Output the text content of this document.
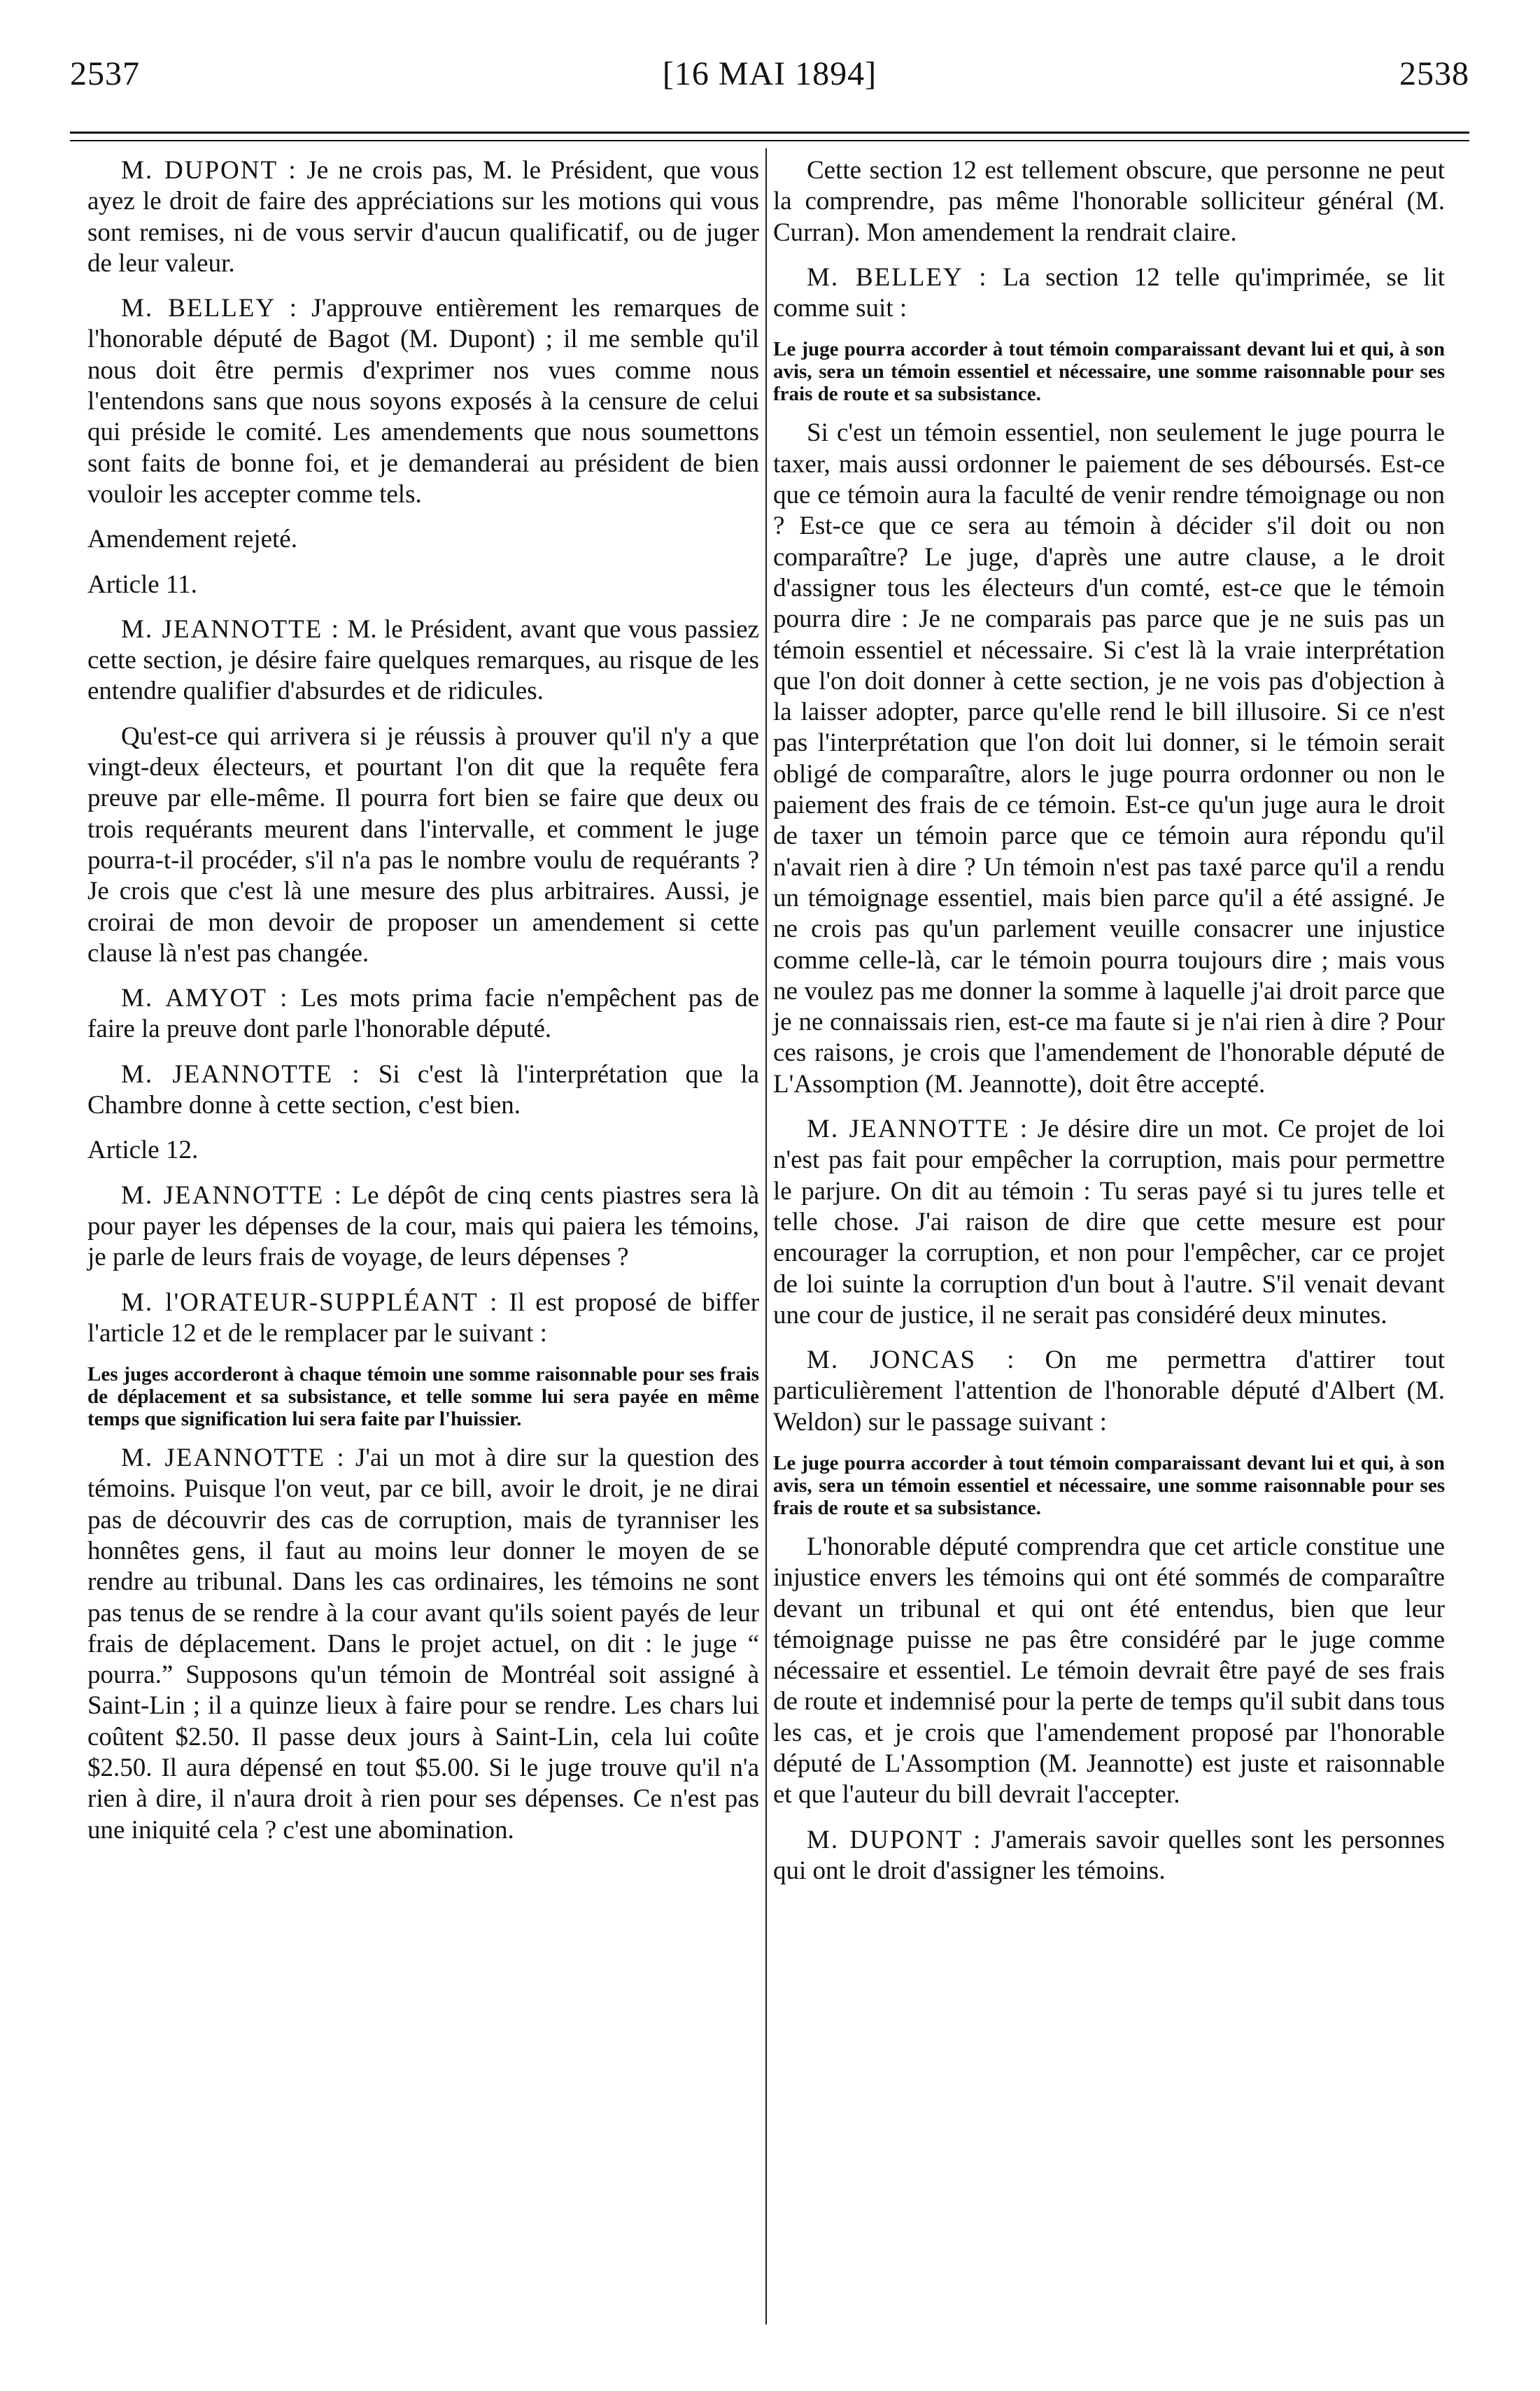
[16 MAI 1894]
2537	2538

M. DUPONT : Je ne crois pas, M. le Président, que vous ayez le droit de faire des appréciations sur les motions qui vous sont remises, ni de vous servir d'aucun qualificatif, ou de juger de leur valeur.

M. BELLEY : J'approuve entièrement les remarques de l'honorable député de Bagot (M. Dupont) ; il me semble qu'il nous doit être permis d'exprimer nos vues comme nous l'entendons sans que nous soyons exposés à la censure de celui qui préside le comité. Les amendements que nous soumettons sont faits de bonne foi, et je demanderai au président de bien vouloir les accepter comme tels.

Amendement rejeté.

Article 11.

M. JEANNOTTE : M. le Président, avant que vous passiez cette section, je désire faire quelques remarques, au risque de les entendre qualifier d'absurdes et de ridicules.

Qu'est-ce qui arrivera si je réussis à prouver qu'il n'y a que vingt-deux électeurs, et pourtant l'on dit que la requête fera preuve par elle-même. Il pourra fort bien se faire que deux ou trois requérants meurent dans l'intervalle, et comment le juge pourra-t-il procéder, s'il n'a pas le nombre voulu de requérants ? Je crois que c'est là une mesure des plus arbitraires. Aussi, je croirai de mon devoir de proposer un amendement si cette clause là n'est pas changée.

M. AMYOT : Les mots prima facie n'empêchent pas de faire la preuve dont parle l'honorable député.

M. JEANNOTTE : Si c'est là l'interprétation que la Chambre donne à cette section, c'est bien.

Article 12.

M. JEANNOTTE : Le dépôt de cinq cents piastres sera là pour payer les dépenses de la cour, mais qui paiera les témoins, je parle de leurs frais de voyage, de leurs dépenses ?

M. l'ORATEUR-SUPPLÉANT : Il est proposé de biffer l'article 12 et de le remplacer par le suivant :

Les juges accorderont à chaque témoin une somme raisonnable pour ses frais de déplacement et sa subsistance, et telle somme lui sera payée en même temps que signification lui sera faite par l'huissier.

M. JEANNOTTE : J'ai un mot à dire sur la question des témoins. Puisque l'on veut, par ce bill, avoir le droit, je ne dirai pas de découvrir des cas de corruption, mais de tyranniser les honnêtes gens, il faut au moins leur donner le moyen de se rendre au tribunal. Dans les cas ordinaires, les témoins ne sont pas tenus de se rendre à la cour avant qu'ils soient payés de leur frais de déplacement. Dans le projet actuel, on dit : le juge “ pourra.” Supposons qu'un témoin de Montréal soit assigné à Saint-Lin ; il a quinze lieux à faire pour se rendre. Les chars lui coûtent $2.50. Il passe deux jours à Saint-Lin, cela lui coûte $2.50. Il aura dépensé en tout $5.00. Si le juge trouve qu'il n'a rien à dire, il n'aura droit à rien pour ses dépenses. Ce n'est pas une iniquité cela ? c'est une abomination.

Cette section 12 est tellement obscure, que personne ne peut la comprendre, pas même l'honorable solliciteur général (M. Curran). Mon amendement la rendrait claire.

M. BELLEY : La section 12 telle qu'imprimée, se lit comme suit :

Le juge pourra accorder à tout témoin comparaissant devant lui et qui, à son avis, sera un témoin essentiel et nécessaire, une somme raisonnable pour ses frais de route et sa subsistance.

Si c'est un témoin essentiel, non seulement le juge pourra le taxer, mais aussi ordonner le paiement de ses déboursés. Est-ce que ce témoin aura la faculté de venir rendre témoignage ou non ? Est-ce que ce sera au témoin à décider s'il doit ou non comparaître? Le juge, d'après une autre clause, a le droit d'assigner tous les électeurs d'un comté, est-ce que le témoin pourra dire : Je ne comparais pas parce que je ne suis pas un témoin essentiel et nécessaire. Si c'est là la vraie interprétation que l'on doit donner à cette section, je ne vois pas d'objection à la laisser adopter, parce qu'elle rend le bill illusoire. Si ce n'est pas l'interprétation que l'on doit lui donner, si le témoin serait obligé de comparaître, alors le juge pourra ordonner ou non le paiement des frais de ce témoin. Est-ce qu'un juge aura le droit de taxer un témoin parce que ce témoin aura répondu qu'il n'avait rien à dire ? Un témoin n'est pas taxé parce qu'il a rendu un témoignage essentiel, mais bien parce qu'il a été assigné. Je ne crois pas qu'un parlement veuille consacrer une injustice comme celle-là, car le témoin pourra toujours dire ; mais vous ne voulez pas me donner la somme à laquelle j'ai droit parce que je ne connaissais rien, est-ce ma faute si je n'ai rien à dire ? Pour ces raisons, je crois que l'amendement de l'honorable député de L'Assomption (M. Jeannotte), doit être accepté.

M. JEANNOTTE : Je désire dire un mot. Ce projet de loi n'est pas fait pour empêcher la corruption, mais pour permettre le parjure. On dit au témoin : Tu seras payé si tu jures telle et telle chose. J'ai raison de dire que cette mesure est pour encourager la corruption, et non pour l'empêcher, car ce projet de loi suinte la corruption d'un bout à l'autre. S'il venait devant une cour de justice, il ne serait pas considéré deux minutes.

M. JONCAS : On me permettra d'attirer tout particulièrement l'attention de l'honorable député d'Albert (M. Weldon) sur le passage suivant :

Le juge pourra accorder à tout témoin comparaissant devant lui et qui, à son avis, sera un témoin essentiel et nécessaire, une somme raisonnable pour ses frais de route et sa subsistance.

L'honorable député comprendra que cet article constitue une injustice envers les témoins qui ont été sommés de comparaître devant un tribunal et qui ont été entendus, bien que leur témoignage puisse ne pas être considéré par le juge comme nécessaire et essentiel. Le témoin devrait être payé de ses frais de route et indemnisé pour la perte de temps qu'il subit dans tous les cas, et je crois que l'amendement proposé par l'honorable député de L'Assomption (M. Jeannotte) est juste et raisonnable et que l'auteur du bill devrait l'accepter.

M. DUPONT : J'amerais savoir quelles sont les personnes qui ont le droit d'assigner les témoins.
